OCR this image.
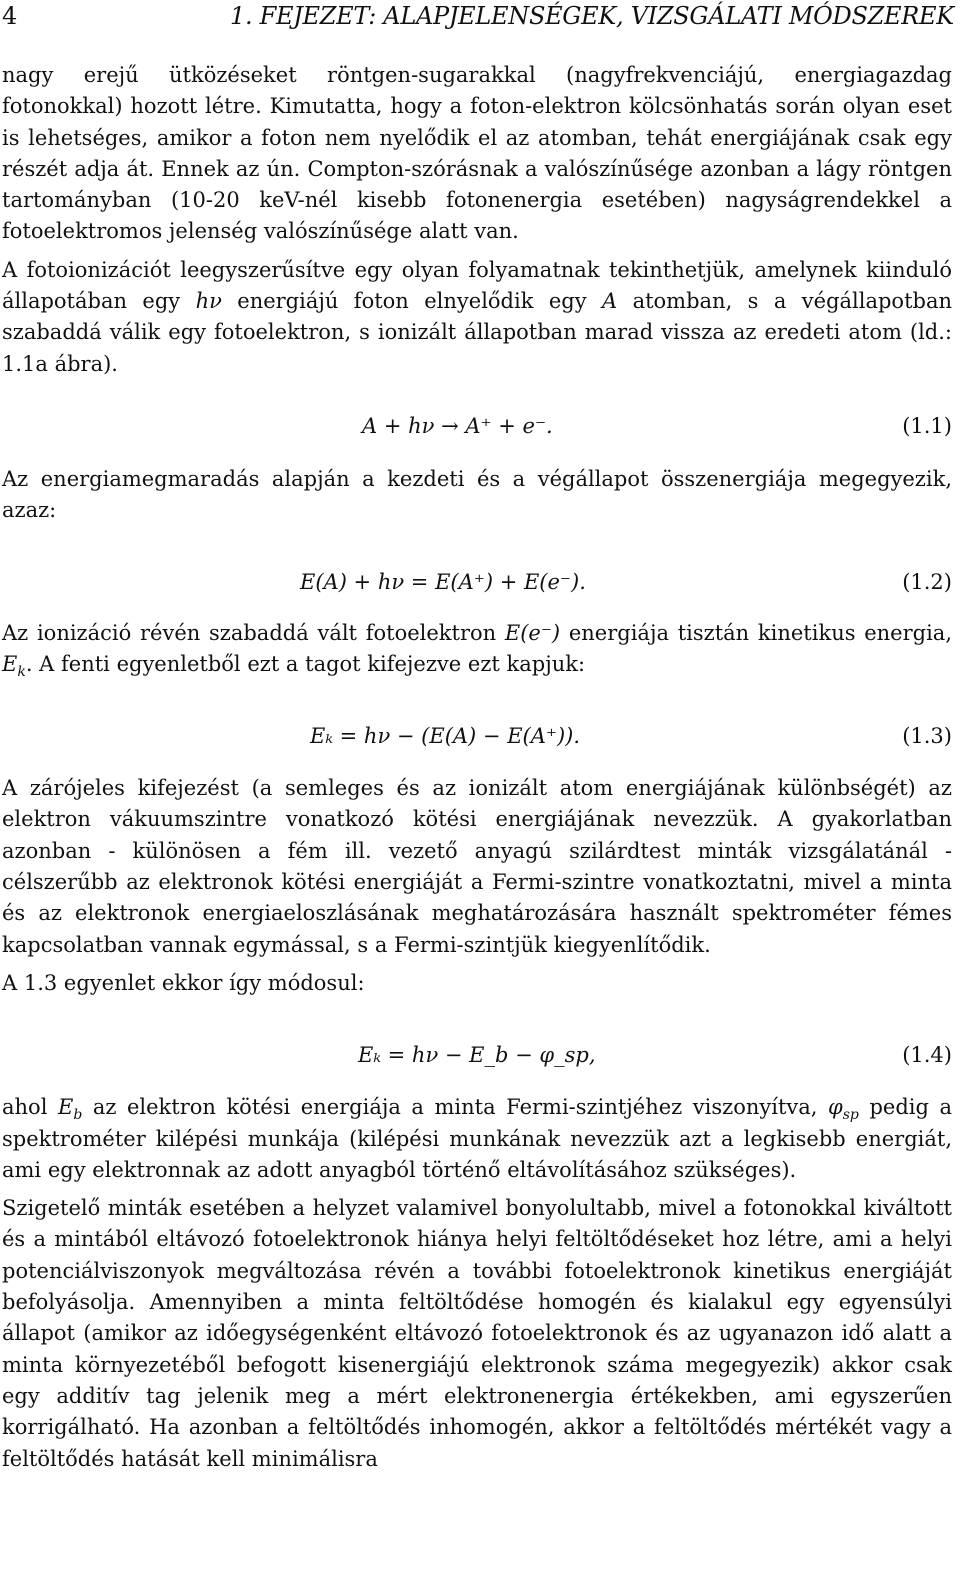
4	1. FEJEZET: ALAPJELENSÉGEK, VIZSGÁLATI MÓDSZEREK

nagy erejű ütközéseket röntgen-sugarakkal (nagyfrekvenciájú, energiagazdag fotonokkal) hozott létre. Kimutatta, hogy a foton-elektron kölcsönhatás során olyan eset is lehetséges, amikor a foton nem nyelődik el az atomban, tehát energiájának csak egy részét adja át. Ennek az ún. Compton-szórásnak a valószínűsége azonban a lágy röntgen tartományban (10-20 keV-nél kisebb fotonenergia esetében) nagyságrendekkel a fotoelektromos jelenség valószínűsége alatt van.

A fotoionizációt leegyszerűsítve egy olyan folyamatnak tekinthetjük, amelynek kiinduló állapotában egy hν energiájú foton elnyelődik egy A atomban, s a végállapotban szabaddá válik egy fotoelektron, s ionizált állapotban marad vissza az eredeti atom (ld.: 1.1a ábra).

A + hν → A⁺ + e⁻.	(1.1)

Az energiamegmaradás alapján a kezdeti és a végállapot összenergiája megegyezik, azaz:

E(A) + hν = E(A⁺) + E(e⁻).	(1.2)

Az ionizáció révén szabaddá vált fotoelektron E(e⁻) energiája tisztán kinetikus energia, $E_k$. A fenti egyenletből ezt a tagot kifejezve ezt kapjuk:

Eₖ = hν − (E(A) − E(A⁺)).	(1.3)

A zárójeles kifejezést (a semleges és az ionizált atom energiájának különbségét) az elektron vákuumszintre vonatkozó kötési energiájának nevezzük. A gyakorlatban azonban - különösen a fém ill. vezető anyagú szilárdtest minták vizsgálatánál - célszerűbb az elektronok kötési energiáját a Fermi-szintre vonatkoztatni, mivel a minta és az elektronok energiaeloszlásának meghatározására használt spektrométer fémes kapcsolatban vannak egymással, s a Fermi-szintjük kiegyenlítődik.

A 1.3 egyenlet ekkor így módosul:

Eₖ = hν − E_b − φ_sp,	(1.4)

ahol $E_b$ az elektron kötési energiája a minta Fermi-szintjéhez viszonyítva, $\varphi_{sp}$ pedig a spektrométer kilépési munkája (kilépési munkának nevezzük azt a legkisebb energiát, ami egy elektronnak az adott anyagból történő eltávolításához szükséges).

Szigetelő minták esetében a helyzet valamivel bonyolultabb, mivel a fotonokkal kiváltott és a mintából eltávozó fotoelektronok hiánya helyi feltöltődéseket hoz létre, ami a helyi potenciálviszonyok megváltozása révén a további fotoelektronok kinetikus energiáját befolyásolja. Amennyiben a minta feltöltődése homogén és kialakul egy egyensúlyi állapot (amikor az időegységenként eltávozó fotoelektronok és az ugyanazon idő alatt a minta környezetéből befogott kisenergiájú elektronok száma megegyezik) akkor csak egy additív tag jelenik meg a mért elektronenergia értékekben, ami egyszerűen korrigálható. Ha azonban a feltöltődés inhomogén, akkor a feltöltődés mértékét vagy a feltöltődés hatását kell minimálisra
